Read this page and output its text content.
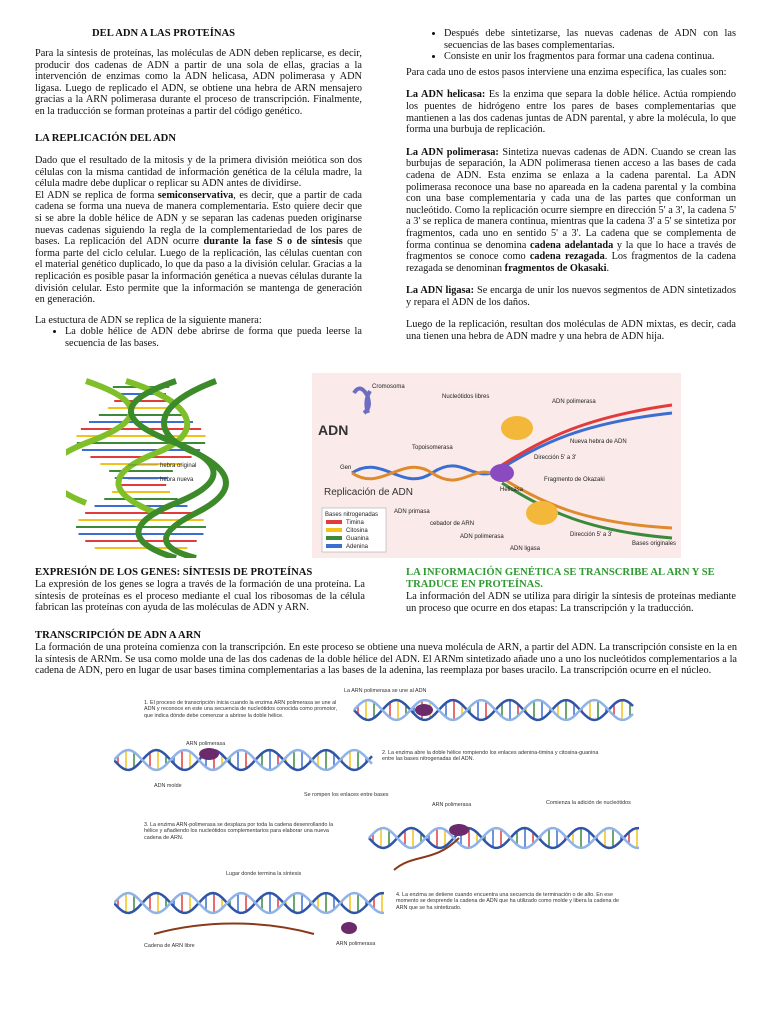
DEL ADN A LAS PROTEÍNAS

Para la síntesis de proteínas, las moléculas de ADN deben replicarse, es decir, producir dos cadenas de ADN a partir de una sola de ellas, gracias a la intervención de enzimas como la ADN helicasa, ADN polimerasa y ADN ligasa. Luego de replicado el ADN, se obtiene una hebra de ARN mensajero gracias a la ARN polimerasa durante el proceso de transcripción. Finalmente, en la traducción se forman proteínas a partir del código genético.

LA REPLICACIÓN DEL ADN

Dado que el resultado de la mitosis y de la primera división meiótica son dos células con la misma cantidad de información genética de la célula madre, la célula madre debe duplicar o replicar su ADN antes de dividirse.

El ADN se replica de forma semiconservativa, es decir, que a partir de cada cadena se forma una nueva de manera complementaria. Esto quiere decir que si se abre la doble hélice de ADN y se separan las cadenas pueden originarse nuevas cadenas siguiendo la regla de la complementariedad de los pares de bases. La replicación del ADN ocurre durante la fase S o de síntesis que forma parte del ciclo celular. Luego de la replicación, las células cuentan con el material genético duplicado, lo que da paso a la división celular. Gracias a la replicación es posible pasar la información genética a nuevas células durante la división celular. Esto permite que la información se mantenga de generación en generación.

La estuctura de ADN se replica de la siguiente manera:

• La doble hélice de ADN debe abrirse de forma que pueda leerse la secuencia de las bases.
• Después debe sintetizarse, las nuevas cadenas de ADN con las secuencias de las bases complementarias.
• Consiste en unir los fragmentos para formar una cadena continua.

Para cada uno de estos pasos interviene una enzima específica, las cuales son:

La ADN helicasa: Es la enzima que separa la doble hélice. Actúa rompiendo los puentes de hidrógeno entre los pares de bases complementarias que mantienen a las dos cadenas juntas de ADN parental, y abre la molécula, lo que forma una burbuja de replicación.

La ADN polimerasa: Sintetiza nuevas cadenas de ADN. Cuando se crean las burbujas de separación, la ADN polimerasa tienen acceso a las bases de cada cadena de ADN. Esta enzima se enlaza a la cadena parental. La ADN polimerasa reconoce una base no apareada en la cadena parental y la combina con una base complementaria y cada una de las partes que conforman un nucleótido. Como la replicación ocurre siempre en dirección 5' a 3', la cadena 5' a 3' se replica de manera continua, mientras que la cadena 3' a 5' se sintetiza por fragmentos, cada uno en sentido 5' a 3'. La cadena que se complementa de forma continua se denomina cadena adelantada y la que lo hace a través de fragmentos se conoce como cadena rezagada. Los fragmentos de la cadena rezagada se denominan fragmentos de Okasaki.

La ADN ligasa: Se encarga de unir los nuevos segmentos de ADN sintetizados y repara el ADN de los daños.

Luego de la replicación, resultan dos moléculas de ADN mixtas, es decir, cada una tienen una hebra de ADN madre y una hebra de ADN hija.

hebra original
hebra nueva
ADN
Cromosoma
Nucleótidos libres
ADN polimerasa
Topoisomerasa
Gen
Dirección 5' a 3'
Helicasa
Nueva hebra de ADN
Fragmento de Okazaki
Replicación de ADN
Bases nitrogenadas
Timina
Citosina
Guanina
Adenina
ADN primasa
cebador de ARN
ADN polimerasa
ADN ligasa
Dirección 5' a 3'
Bases originales

EXPRESIÓN DE LOS GENES: SÍNTESIS DE PROTEÍNAS

La expresión de los genes se logra a través de la formación de una proteína. La síntesis de proteínas es el proceso mediante el cual los ribosomas de la célula fabrican las proteínas con ayuda de las moléculas de ADN y ARN.

LA INFORMACIÓN GENÉTICA SE TRANSCRIBE AL ARN Y SE TRADUCE EN PROTEÍNAS.

La información del ADN se utiliza para dirigir la síntesis de proteínas mediante un proceso que ocurre en dos etapas: La transcripción y la traducción.

TRANSCRIPCIÓN DE ADN A ARN

La formación de una proteína comienza con la transcripción. En este proceso se obtiene una nueva molécula de ARN, a partir del ADN. La transcripción consiste en la en la síntesis de ARNm. Se usa como molde una de las dos cadenas de la doble hélice del ADN. El ARNm sintetizado añade uno a uno los nucleótidos complementarios a la cadena de ADN, pero en lugar de usar bases timina complementarias a las bases de la adenina, las reemplaza por bases uracilo. La transcripción ocurre en el núcleo.

1. El proceso de transcripción inicia cuando la enzima ARN polimerasa se une al ADN y reconoce en este una secuencia de nucleótidos conocida como promotor, que indica dónde debe comenzar a abrirse la doble hélice.
La ARN polimerasa se une al ADN
ARN polimerasa
ADN molde
Se rompen los enlaces entre bases
2. La enzima abre la doble hélice rompiendo los enlaces adenina-timina y citosina-guanina entre las bases nitrogenadas del ADN.
ARN polimerasa	Comienza la adición de nucleótidos
3. La enzima ARN-polimerasa se desplaza por toda la cadena desenrollando la hélice y añadiendo los nucleótidos complementarios para elaborar una nueva cadena de ARN.
Lugar donde termina la síntesis
4. La enzima se detiene cuando encuentra una secuencia de terminación o de alto. En ese momento se desprende la cadena de ADN que ha utilizado como molde y libera la cadena de ARN que se ha sintetizado.
Cadena de ARN libre	ARN polimerasa
